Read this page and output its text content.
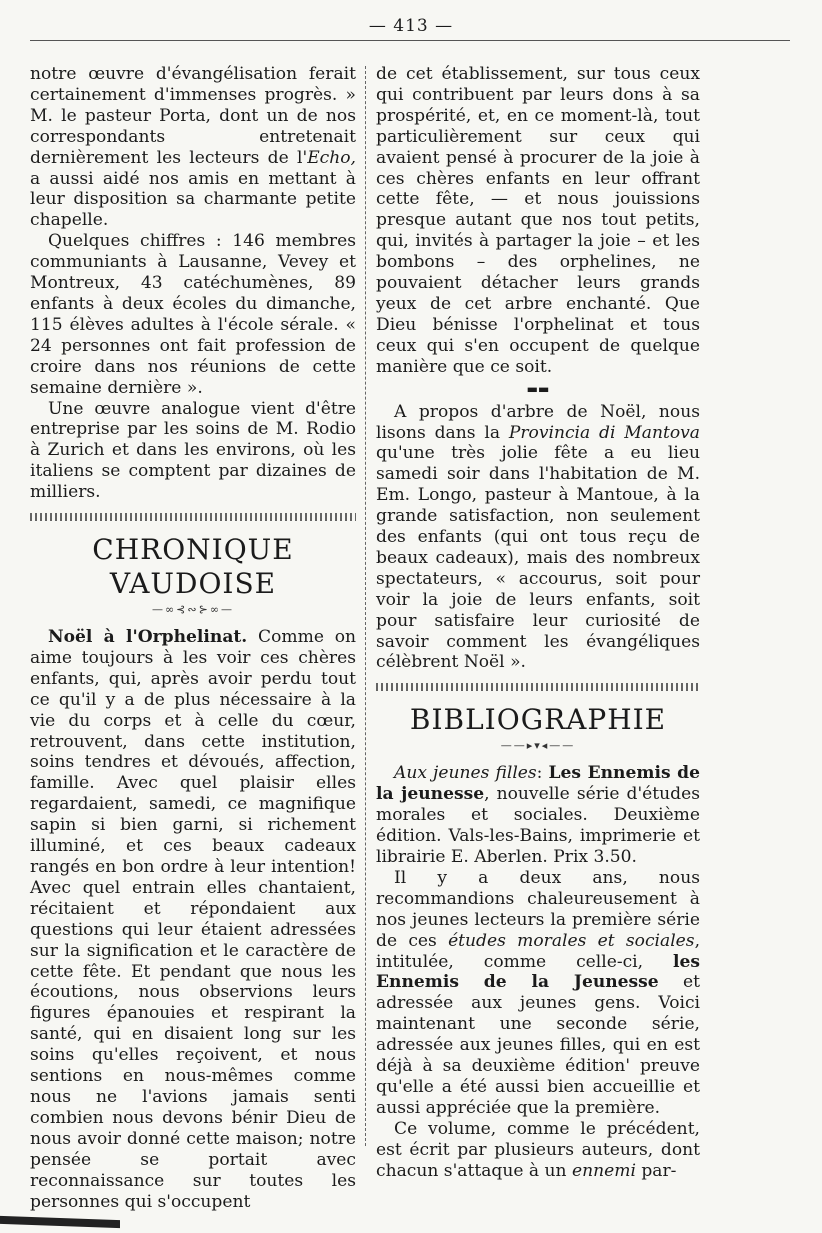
— 413 —

notre œuvre d'évangélisation ferait certainement d'immenses progrès. » M. le pasteur Porta, dont un de nos correspondants entretenait dernièrement les lecteurs de l'Echo, a aussi aidé nos amis en mettant à leur disposition sa charmante petite chapelle.

Quelques chiffres : 146 membres communiants à Lausanne, Vevey et Montreux, 43 catéchumènes, 89 enfants à deux écoles du dimanche, 115 élèves adultes à l'école sérale. « 24 personnes ont fait profession de croire dans nos réunions de cette semaine dernière ».

Une œuvre analogue vient d'être entreprise par les soins de M. Rodio à Zurich et dans les environs, où les italiens se comptent par dizaines de milliers.

CHRONIQUE VAUDOISE
—∞⊰∾⊱∞—

Noël à l'Orphelinat. Comme on aime toujours à les voir ces chères enfants, qui, après avoir perdu tout ce qu'il y a de plus nécessaire à la vie du corps et à celle du cœur, retrouvent, dans cette institution, soins tendres et dévoués, affection, famille. Avec quel plaisir elles regardaient, samedi, ce magnifique sapin si bien garni, si richement illuminé, et ces beaux cadeaux rangés en bon ordre à leur intention! Avec quel entrain elles chantaient, récitaient et répondaient aux questions qui leur étaient adressées sur la signification et le caractère de cette fête. Et pendant que nous les écoutions, nous observions leurs figures épanouies et respirant la santé, qui en disaient long sur les soins qu'elles reçoivent, et nous sentions en nous-mêmes comme nous ne l'avions jamais senti combien nous devons bénir Dieu de nous avoir donné cette maison; notre pensée se portait avec reconnaissance sur toutes les personnes qui s'occupent

de cet établissement, sur tous ceux qui contribuent par leurs dons à sa prospérité, et, en ce moment-là, tout particulièrement sur ceux qui avaient pensé à procurer de la joie à ces chères enfants en leur offrant cette fête, — et nous jouissions presque autant que nos tout petits, qui, invités à partager la joie – et les bombons – des orphelines, ne pouvaient détacher leurs grands yeux de cet arbre enchanté. Que Dieu bénisse l'orphelinat et tous ceux qui s'en occupent de quelque manière que ce soit.

▬▬

A propos d'arbre de Noël, nous lisons dans la Provincia di Mantova qu'une très jolie fête a eu lieu samedi soir dans l'habitation de M. Em. Longo, pasteur à Mantoue, à la grande satisfaction, non seulement des enfants (qui ont tous reçu de beaux cadeaux), mais des nombreux spectateurs, « accourus, soit pour voir la joie de leurs enfants, soit pour satisfaire leur curiosité de savoir comment les évangéliques célèbrent Noël ».

BIBLIOGRAPHIE
——▸▾◂——

Aux jeunes filles: Les Ennemis de la jeunesse, nouvelle série d'études morales et sociales. Deuxième édition. Vals-les-Bains, imprimerie et librairie E. Aberlen. Prix 3.50.

Il y a deux ans, nous recommandions chaleureusement à nos jeunes lecteurs la première série de ces études morales et sociales, intitulée, comme celle-ci, les Ennemis de la Jeunesse et adressée aux jeunes gens. Voici maintenant une seconde série, adressée aux jeunes filles, qui en est déjà à sa deuxième édition' preuve qu'elle a été aussi bien accueillie et aussi appréciée que la première.

Ce volume, comme le précédent, est écrit par plusieurs auteurs, dont chacun s'attaque à un ennemi par-
